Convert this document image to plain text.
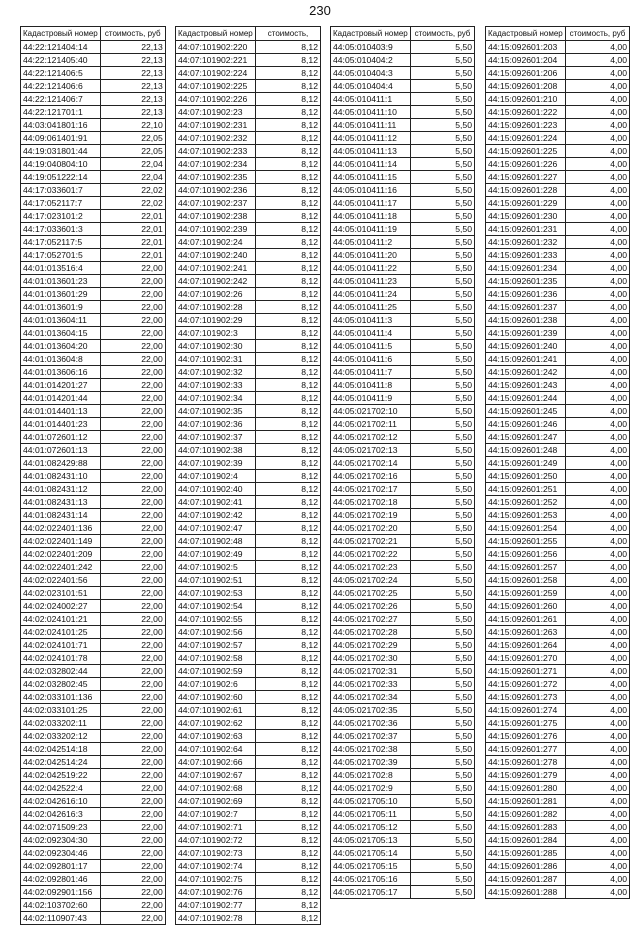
230
Кадастровый номер	стоимость, руб
44:22:121404:14	22,13
44:22:121405:40	22,13
44:22:121406:5	22,13
44:22:121406:6	22,13
44:22:121406:7	22,13
44:22:121701:1	22,13
44:03:041801:16	22,10
44:09:061401:91	22,05
44:19:031801:44	22,05
44:19:040804:10	22,04
44:19:051222:14	22,04
44:17:033601:7	22,02
44:17:052117:7	22,02
44:17:023101:2	22,01
44:17:033601:3	22,01
44:17:052117:5	22,01
44:17:052701:5	22,01
44:01:013516:4	22,00
44:01:013601:23	22,00
44:01:013601:29	22,00
44:01:013601:9	22,00
44:01:013604:11	22,00
44:01:013604:15	22,00
44:01:013604:20	22,00
44:01:013604:8	22,00
44:01:013606:16	22,00
44:01:014201:27	22,00
44:01:014201:44	22,00
44:01:014401:13	22,00
44:01:014401:23	22,00
44:01:072601:12	22,00
44:01:072601:13	22,00
44:01:082429:88	22,00
44:01:082431:10	22,00
44:01:082431:12	22,00
44:01:082431:13	22,00
44:01:082431:14	22,00
44:02:022401:136	22,00
44:02:022401:149	22,00
44:02:022401:209	22,00
44:02:022401:242	22,00
44:02:022401:56	22,00
44:02:023101:51	22,00
44:02:024002:27	22,00
44:02:024101:21	22,00
44:02:024101:25	22,00
44:02:024101:71	22,00
44:02:024101:78	22,00
44:02:032802:44	22,00
44:02:032802:45	22,00
44:02:033101:136	22,00
44:02:033101:25	22,00
44:02:033202:11	22,00
44:02:033202:12	22,00
44:02:042514:18	22,00
44:02:042514:24	22,00
44:02:042519:22	22,00
44:02:042522:4	22,00
44:02:042616:10	22,00
44:02:042616:3	22,00
44:02:071509:23	22,00
44:02:092304:30	22,00
44:02:092304:46	22,00
44:02:092801:17	22,00
44:02:092801:46	22,00
44:02:092901:156	22,00
44:02:103702:60	22,00
44:02:110907:43	22,00
Кадастровый номер	стоимость,
44:07:101902:220	8,12
44:07:101902:221	8,12
44:07:101902:224	8,12
44:07:101902:225	8,12
44:07:101902:226	8,12
44:07:101902:23	8,12
44:07:101902:231	8,12
44:07:101902:232	8,12
44:07:101902:233	8,12
44:07:101902:234	8,12
44:07:101902:235	8,12
44:07:101902:236	8,12
44:07:101902:237	8,12
44:07:101902:238	8,12
44:07:101902:239	8,12
44:07:101902:24	8,12
44:07:101902:240	8,12
44:07:101902:241	8,12
44:07:101902:242	8,12
44:07:101902:26	8,12
44:07:101902:28	8,12
44:07:101902:29	8,12
44:07:101902:3	8,12
44:07:101902:30	8,12
44:07:101902:31	8,12
44:07:101902:32	8,12
44:07:101902:33	8,12
44:07:101902:34	8,12
44:07:101902:35	8,12
44:07:101902:36	8,12
44:07:101902:37	8,12
44:07:101902:38	8,12
44:07:101902:39	8,12
44:07:101902:4	8,12
44:07:101902:40	8,12
44:07:101902:41	8,12
44:07:101902:42	8,12
44:07:101902:47	8,12
44:07:101902:48	8,12
44:07:101902:49	8,12
44:07:101902:5	8,12
44:07:101902:51	8,12
44:07:101902:53	8,12
44:07:101902:54	8,12
44:07:101902:55	8,12
44:07:101902:56	8,12
44:07:101902:57	8,12
44:07:101902:58	8,12
44:07:101902:59	8,12
44:07:101902:6	8,12
44:07:101902:60	8,12
44:07:101902:61	8,12
44:07:101902:62	8,12
44:07:101902:63	8,12
44:07:101902:64	8,12
44:07:101902:66	8,12
44:07:101902:67	8,12
44:07:101902:68	8,12
44:07:101902:69	8,12
44:07:101902:7	8,12
44:07:101902:71	8,12
44:07:101902:72	8,12
44:07:101902:73	8,12
44:07:101902:74	8,12
44:07:101902:75	8,12
44:07:101902:76	8,12
44:07:101902:77	8,12
44:07:101902:78	8,12
Кадастровый номер	стоимость, руб
44:05:010403:9	5,50
44:05:010404:2	5,50
44:05:010404:3	5,50
44:05:010404:4	5,50
44:05:010411:1	5,50
44:05:010411:10	5,50
44:05:010411:11	5,50
44:05:010411:12	5,50
44:05:010411:13	5,50
44:05:010411:14	5,50
44:05:010411:15	5,50
44:05:010411:16	5,50
44:05:010411:17	5,50
44:05:010411:18	5,50
44:05:010411:19	5,50
44:05:010411:2	5,50
44:05:010411:20	5,50
44:05:010411:22	5,50
44:05:010411:23	5,50
44:05:010411:24	5,50
44:05:010411:25	5,50
44:05:010411:3	5,50
44:05:010411:4	5,50
44:05:010411:5	5,50
44:05:010411:6	5,50
44:05:010411:7	5,50
44:05:010411:8	5,50
44:05:010411:9	5,50
44:05:021702:10	5,50
44:05:021702:11	5,50
44:05:021702:12	5,50
44:05:021702:13	5,50
44:05:021702:14	5,50
44:05:021702:16	5,50
44:05:021702:17	5,50
44:05:021702:18	5,50
44:05:021702:19	5,50
44:05:021702:20	5,50
44:05:021702:21	5,50
44:05:021702:22	5,50
44:05:021702:23	5,50
44:05:021702:24	5,50
44:05:021702:25	5,50
44:05:021702:26	5,50
44:05:021702:27	5,50
44:05:021702:28	5,50
44:05:021702:29	5,50
44:05:021702:30	5,50
44:05:021702:31	5,50
44:05:021702:33	5,50
44:05:021702:34	5,50
44:05:021702:35	5,50
44:05:021702:36	5,50
44:05:021702:37	5,50
44:05:021702:38	5,50
44:05:021702:39	5,50
44:05:021702:8	5,50
44:05:021702:9	5,50
44:05:021705:10	5,50
44:05:021705:11	5,50
44:05:021705:12	5,50
44:05:021705:13	5,50
44:05:021705:14	5,50
44:05:021705:15	5,50
44:05:021705:16	5,50
44:05:021705:17	5,50
Кадастровый номер	стоимость, руб
44:15:092601:203	4,00
44:15:092601:204	4,00
44:15:092601:206	4,00
44:15:092601:208	4,00
44:15:092601:210	4,00
44:15:092601:222	4,00
44:15:092601:223	4,00
44:15:092601:224	4,00
44:15:092601:225	4,00
44:15:092601:226	4,00
44:15:092601:227	4,00
44:15:092601:228	4,00
44:15:092601:229	4,00
44:15:092601:230	4,00
44:15:092601:231	4,00
44:15:092601:232	4,00
44:15:092601:233	4,00
44:15:092601:234	4,00
44:15:092601:235	4,00
44:15:092601:236	4,00
44:15:092601:237	4,00
44:15:092601:238	4,00
44:15:092601:239	4,00
44:15:092601:240	4,00
44:15:092601:241	4,00
44:15:092601:242	4,00
44:15:092601:243	4,00
44:15:092601:244	4,00
44:15:092601:245	4,00
44:15:092601:246	4,00
44:15:092601:247	4,00
44:15:092601:248	4,00
44:15:092601:249	4,00
44:15:092601:250	4,00
44:15:092601:251	4,00
44:15:092601:252	4,00
44:15:092601:253	4,00
44:15:092601:254	4,00
44:15:092601:255	4,00
44:15:092601:256	4,00
44:15:092601:257	4,00
44:15:092601:258	4,00
44:15:092601:259	4,00
44:15:092601:260	4,00
44:15:092601:261	4,00
44:15:092601:263	4,00
44:15:092601:264	4,00
44:15:092601:270	4,00
44:15:092601:271	4,00
44:15:092601:272	4,00
44:15:092601:273	4,00
44:15:092601:274	4,00
44:15:092601:275	4,00
44:15:092601:276	4,00
44:15:092601:277	4,00
44:15:092601:278	4,00
44:15:092601:279	4,00
44:15:092601:280	4,00
44:15:092601:281	4,00
44:15:092601:282	4,00
44:15:092601:283	4,00
44:15:092601:284	4,00
44:15:092601:285	4,00
44:15:092601:286	4,00
44:15:092601:287	4,00
44:15:092601:288	4,00
